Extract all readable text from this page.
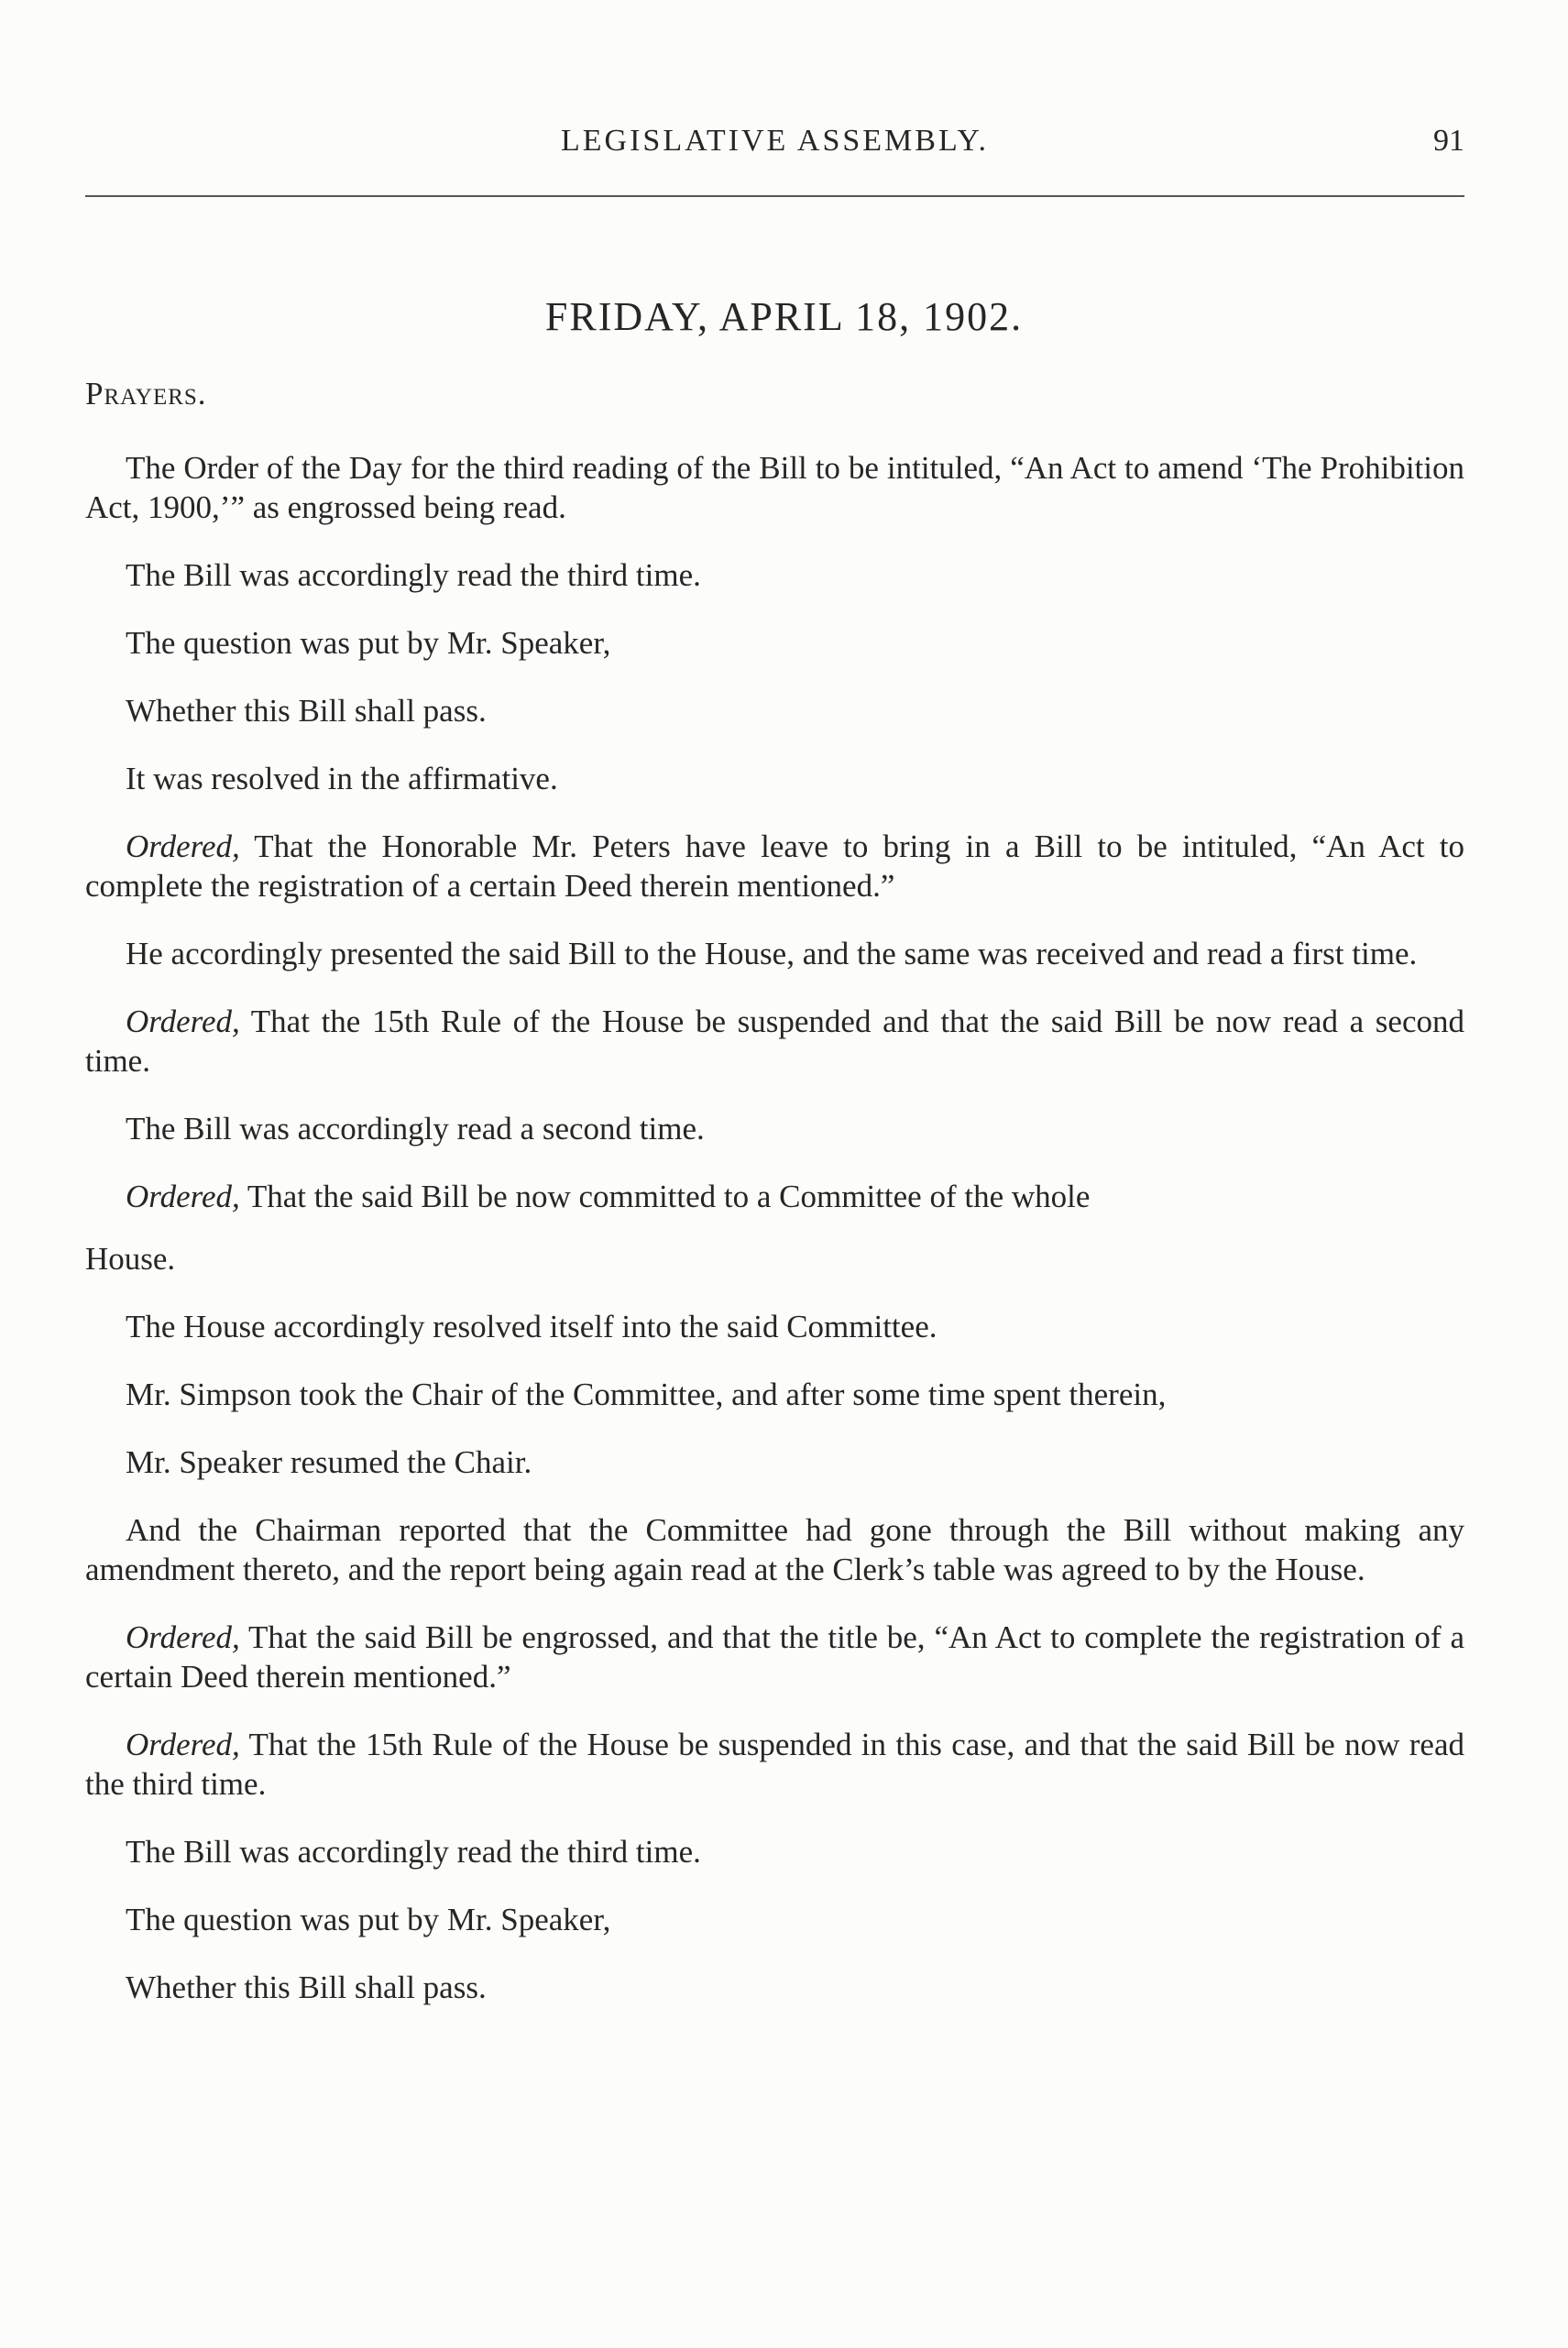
LEGISLATIVE ASSEMBLY.	91
FRIDAY, APRIL 18, 1902.

Prayers.

The Order of the Day for the third reading of the Bill to be intituled, “An Act to amend ‘The Prohibition Act, 1900,’” as engrossed being read.

The Bill was accordingly read the third time.

The question was put by Mr. Speaker,

Whether this Bill shall pass.

It was resolved in the affirmative.

Ordered, That the Honorable Mr. Peters have leave to bring in a Bill to be intituled, “An Act to complete the registration of a certain Deed therein mentioned.”

He accordingly presented the said Bill to the House, and the same was received and read a first time.

Ordered, That the 15th Rule of the House be suspended and that the said Bill be now read a second time.

The Bill was accordingly read a second time.

Ordered, That the said Bill be now committed to a Committee of the whole

House.

The House accordingly resolved itself into the said Committee.

Mr. Simpson took the Chair of the Committee, and after some time spent therein,

Mr. Speaker resumed the Chair.

And the Chairman reported that the Committee had gone through the Bill without making any amendment thereto, and the report being again read at the Clerk’s table was agreed to by the House.

Ordered, That the said Bill be engrossed, and that the title be, “An Act to complete the registration of a certain Deed therein mentioned.”

Ordered, That the 15th Rule of the House be suspended in this case, and that the said Bill be now read the third time.

The Bill was accordingly read the third time.

The question was put by Mr. Speaker,

Whether this Bill shall pass.
